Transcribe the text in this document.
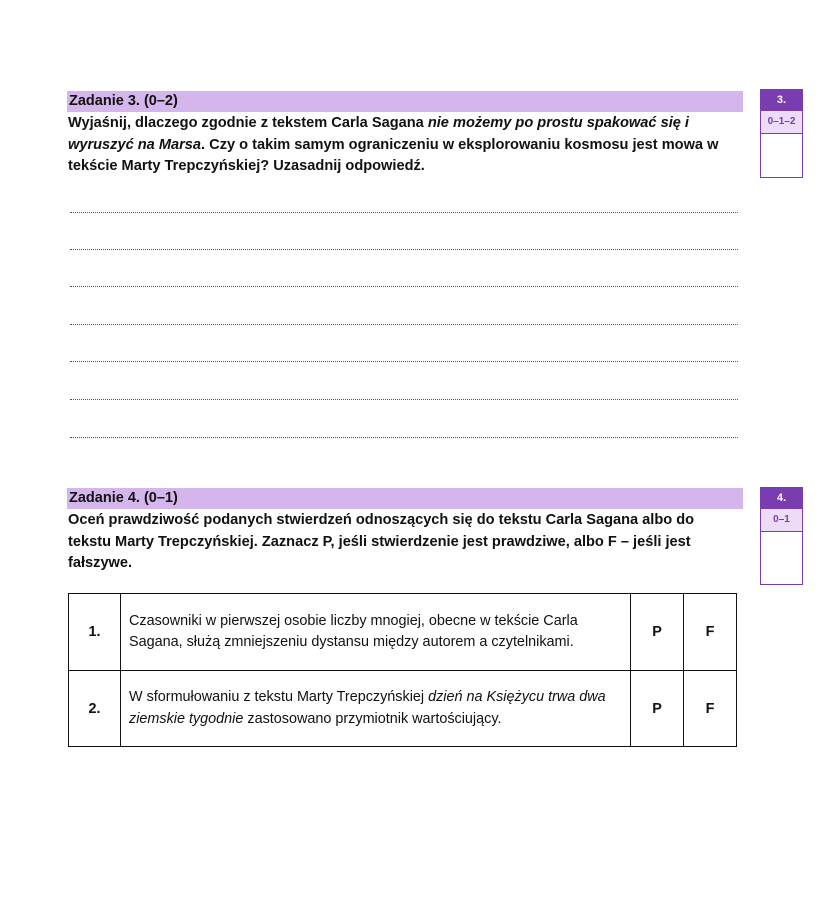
Zadanie 3. (0–2)
Wyjaśnij, dlaczego zgodnie z tekstem Carla Sagana nie możemy po prostu spakować się i wyruszyć na Marsa. Czy o takim samym ograniczeniu w eksplorowaniu kosmosu jest mowa w tekście Marty Trepczyńskiej? Uzasadnij odpowiedź.
3.
0–1–2
Zadanie 4. (0–1)
Oceń prawdziwość podanych stwierdzeń odnoszących się do tekstu Carla Sagana albo do tekstu Marty Trepczyńskiej. Zaznacz P, jeśli stwierdzenie jest prawdziwe, albo F – jeśli jest fałszywe.
4.
0–1
1.	Czasowniki w pierwszej osobie liczby mnogiej, obecne w tekście Carla Sagana, służą zmniejszeniu dystansu między autorem a czytelnikami.	P	F
2.	W sformułowaniu z tekstu Marty Trepczyńskiej dzień na Księżycu trwa dwa ziemskie tygodnie zastosowano przymiotnik wartościujący.	P	F
